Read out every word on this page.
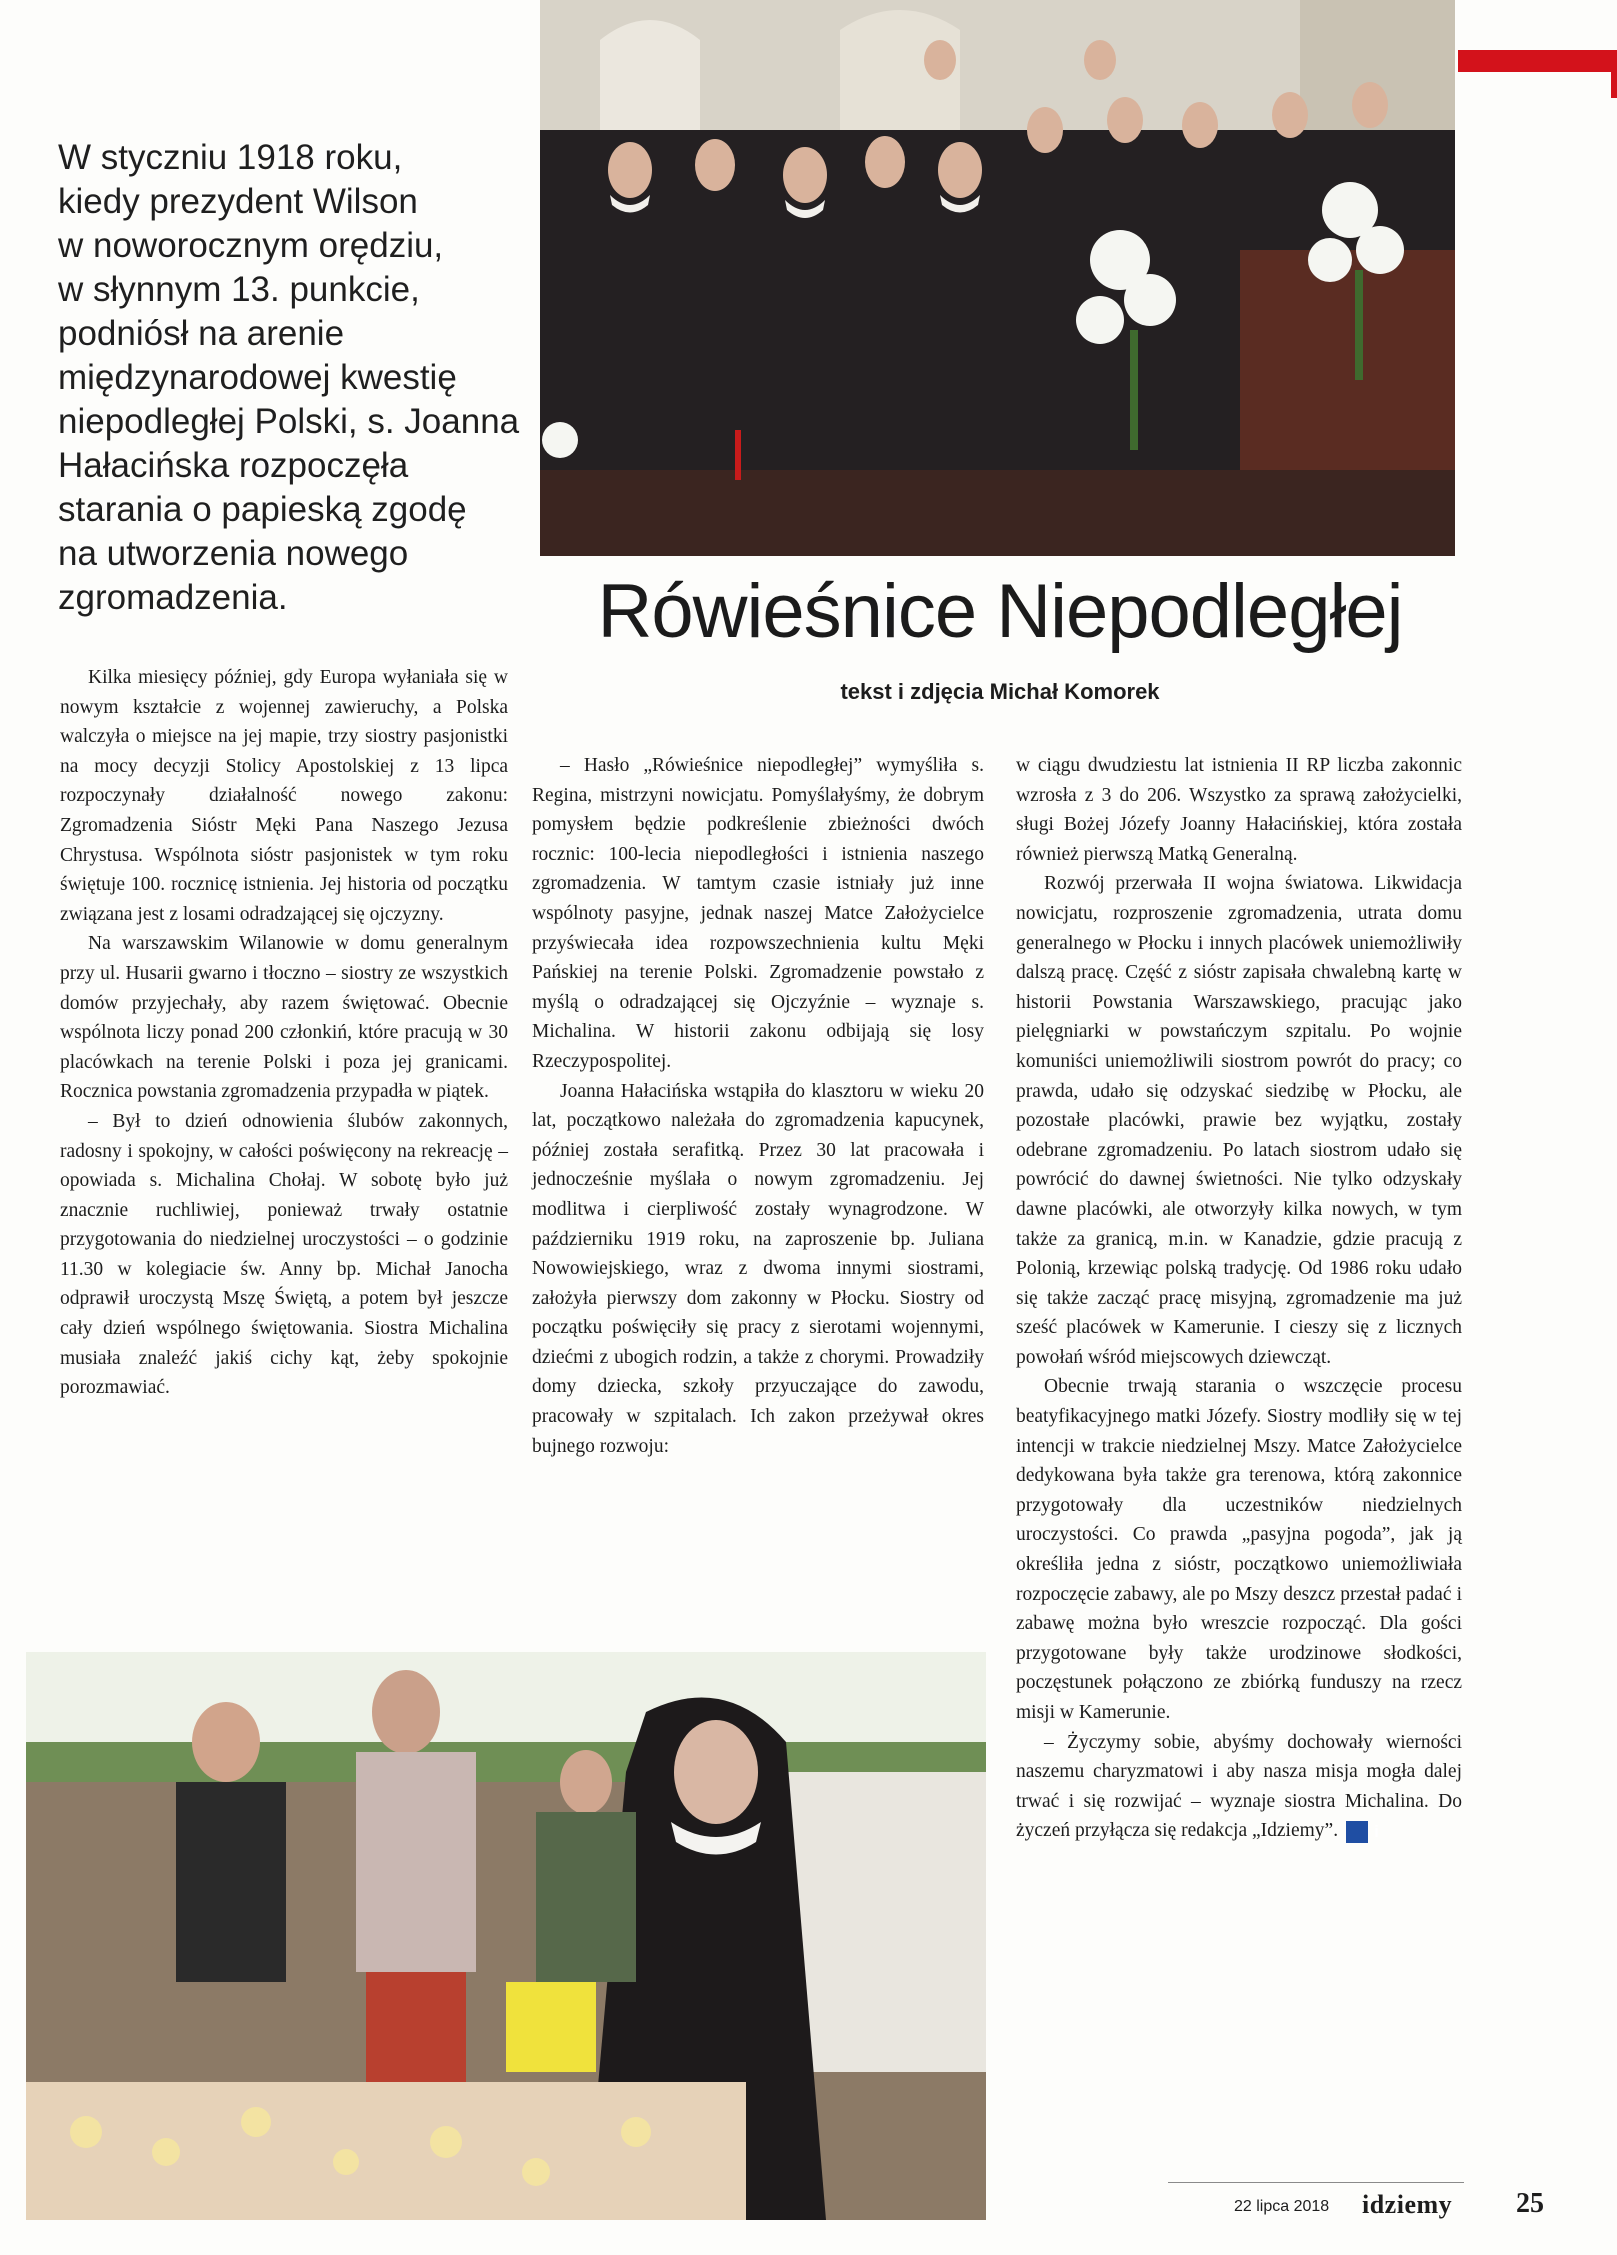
W styczniu 1918 roku,
kiedy prezydent Wilson
w noworocznym orędziu,
w słynnym 13. punkcie,
podniósł na arenie
międzynarodowej kwestię
niepodległej Polski, s. Joanna
Hałacińska rozpoczęła
starania o papieską zgodę
na utworzenia nowego
zgromadzenia.	Rówieśnice Niepodległej
tekst i zdjęcia Michał Komorek

Kilka miesięcy później, gdy Europa wyłaniała się w nowym kształcie z wojennej zawieruchy, a Polska walczyła o miejsce na jej mapie, trzy siostry pasjonistki na mocy decyzji Stolicy Apostolskiej z 13 lipca rozpoczynały działalność nowego zakonu: Zgromadzenia Sióstr Męki Pana Naszego Jezusa Chrystusa. Wspólnota sióstr pasjonistek w tym roku świętuje 100. rocznicę istnienia. Jej historia od początku związana jest z losami odradzającej się ojczyzny.

Na warszawskim Wilanowie w domu generalnym przy ul. Husarii gwarno i tłoczno – siostry ze wszystkich domów przyjechały, aby razem świętować. Obecnie wspólnota liczy ponad 200 członkiń, które pracują w 30 placówkach na terenie Polski i poza jej granicami. Rocznica powstania zgromadzenia przypadła w piątek.

– Był to dzień odnowienia ślubów zakonnych, radosny i spokojny, w całości poświęcony na rekreację – opowiada s. Michalina Chołaj. W sobotę było już znacznie ruchliwiej, ponieważ trwały ostatnie przygotowania do niedzielnej uroczystości – o godzinie 11.30 w kolegiacie św. Anny bp. Michał Janocha odprawił uroczystą Mszę Świętą, a potem był jeszcze cały dzień wspólnego świętowania. Siostra Michalina musiała znaleźć jakiś cichy kąt, żeby spokojnie porozmawiać.

– Hasło „Rówieśnice niepodległej” wymyśliła s. Regina, mistrzyni nowicjatu. Pomyślałyśmy, że dobrym pomysłem będzie podkreślenie zbieżności dwóch rocznic: 100-lecia niepodległości i istnienia naszego zgromadzenia. W tamtym czasie istniały już inne wspólnoty pasyjne, jednak naszej Matce Założycielce przyświecała idea rozpowszechnienia kultu Męki Pańskiej na terenie Polski. Zgromadzenie powstało z myślą o odradzającej się Ojczyźnie – wyznaje s. Michalina. W historii zakonu odbijają się losy Rzeczypospolitej.

Joanna Hałacińska wstąpiła do klasztoru w wieku 20 lat, początkowo należała do zgromadzenia kapucynek, później została serafitką. Przez 30 lat pracowała i jednocześnie myślała o nowym zgromadzeniu. Jej modlitwa i cierpliwość zostały wynagrodzone. W październiku 1919 roku, na zaproszenie bp. Juliana Nowowiejskiego, wraz z dwoma innymi siostrami, założyła pierwszy dom zakonny w Płocku. Siostry od początku poświęciły się pracy z sierotami wojennymi, dziećmi z ubogich rodzin, a także z chorymi. Prowadziły domy dziecka, szkoły przyuczające do zawodu, pracowały w szpitalach. Ich zakon przeżywał okres bujnego rozwoju:

w ciągu dwudziestu lat istnienia II RP liczba zakonnic wzrosła z 3 do 206. Wszystko za sprawą założycielki, sługi Bożej Józefy Joanny Hałacińskiej, która została również pierwszą Matką Generalną.

Rozwój przerwała II wojna światowa. Likwidacja nowicjatu, rozproszenie zgromadzenia, utrata domu generalnego w Płocku i innych placówek uniemożliwiły dalszą pracę. Część z sióstr zapisała chwalebną kartę w historii Powstania Warszawskiego, pracując jako pielęgniarki w powstańczym szpitalu. Po wojnie komuniści uniemożliwili siostrom powrót do pracy; co prawda, udało się odzyskać siedzibę w Płocku, ale pozostałe placówki, prawie bez wyjątku, zostały odebrane zgromadzeniu. Po latach siostrom udało się powrócić do dawnej świetności. Nie tylko odzyskały dawne placówki, ale otworzyły kilka nowych, w tym także za granicą, m.in. w Kanadzie, gdzie pracują z Polonią, krzewiąc polską tradycję. Od 1986 roku udało się także zacząć pracę misyjną, zgromadzenie ma już sześć placówek w Kamerunie. I cieszy się z licznych powołań wśród miejscowych dziewcząt.

Obecnie trwają starania o wszczęcie procesu beatyfikacyjnego matki Józefy. Siostry modliły się w tej intencji w trakcie niedzielnej Mszy. Matce Założycielce dedykowana była także gra terenowa, którą zakonnice przygotowały dla uczestników niedzielnych uroczystości. Co prawda „pasyjna pogoda”, jak ją określiła jedna z sióstr, początkowo uniemożliwiała rozpoczęcie zabawy, ale po Mszy deszcz przestał padać i zabawę można było wreszcie rozpocząć. Dla gości przygotowane były także urodzinowe słodkości, poczęstunek połączono ze zbiórką funduszy na rzecz misji w Kamerunie.

– Życzymy sobie, abyśmy dochowały wierności naszemu charyzmatowi i aby nasza misja mogła dalej trwać i się rozwijać – wyznaje siostra Michalina. Do życzeń przyłącza się redakcja „Idziemy”. i

22 lipca 2018 idziemy 25
